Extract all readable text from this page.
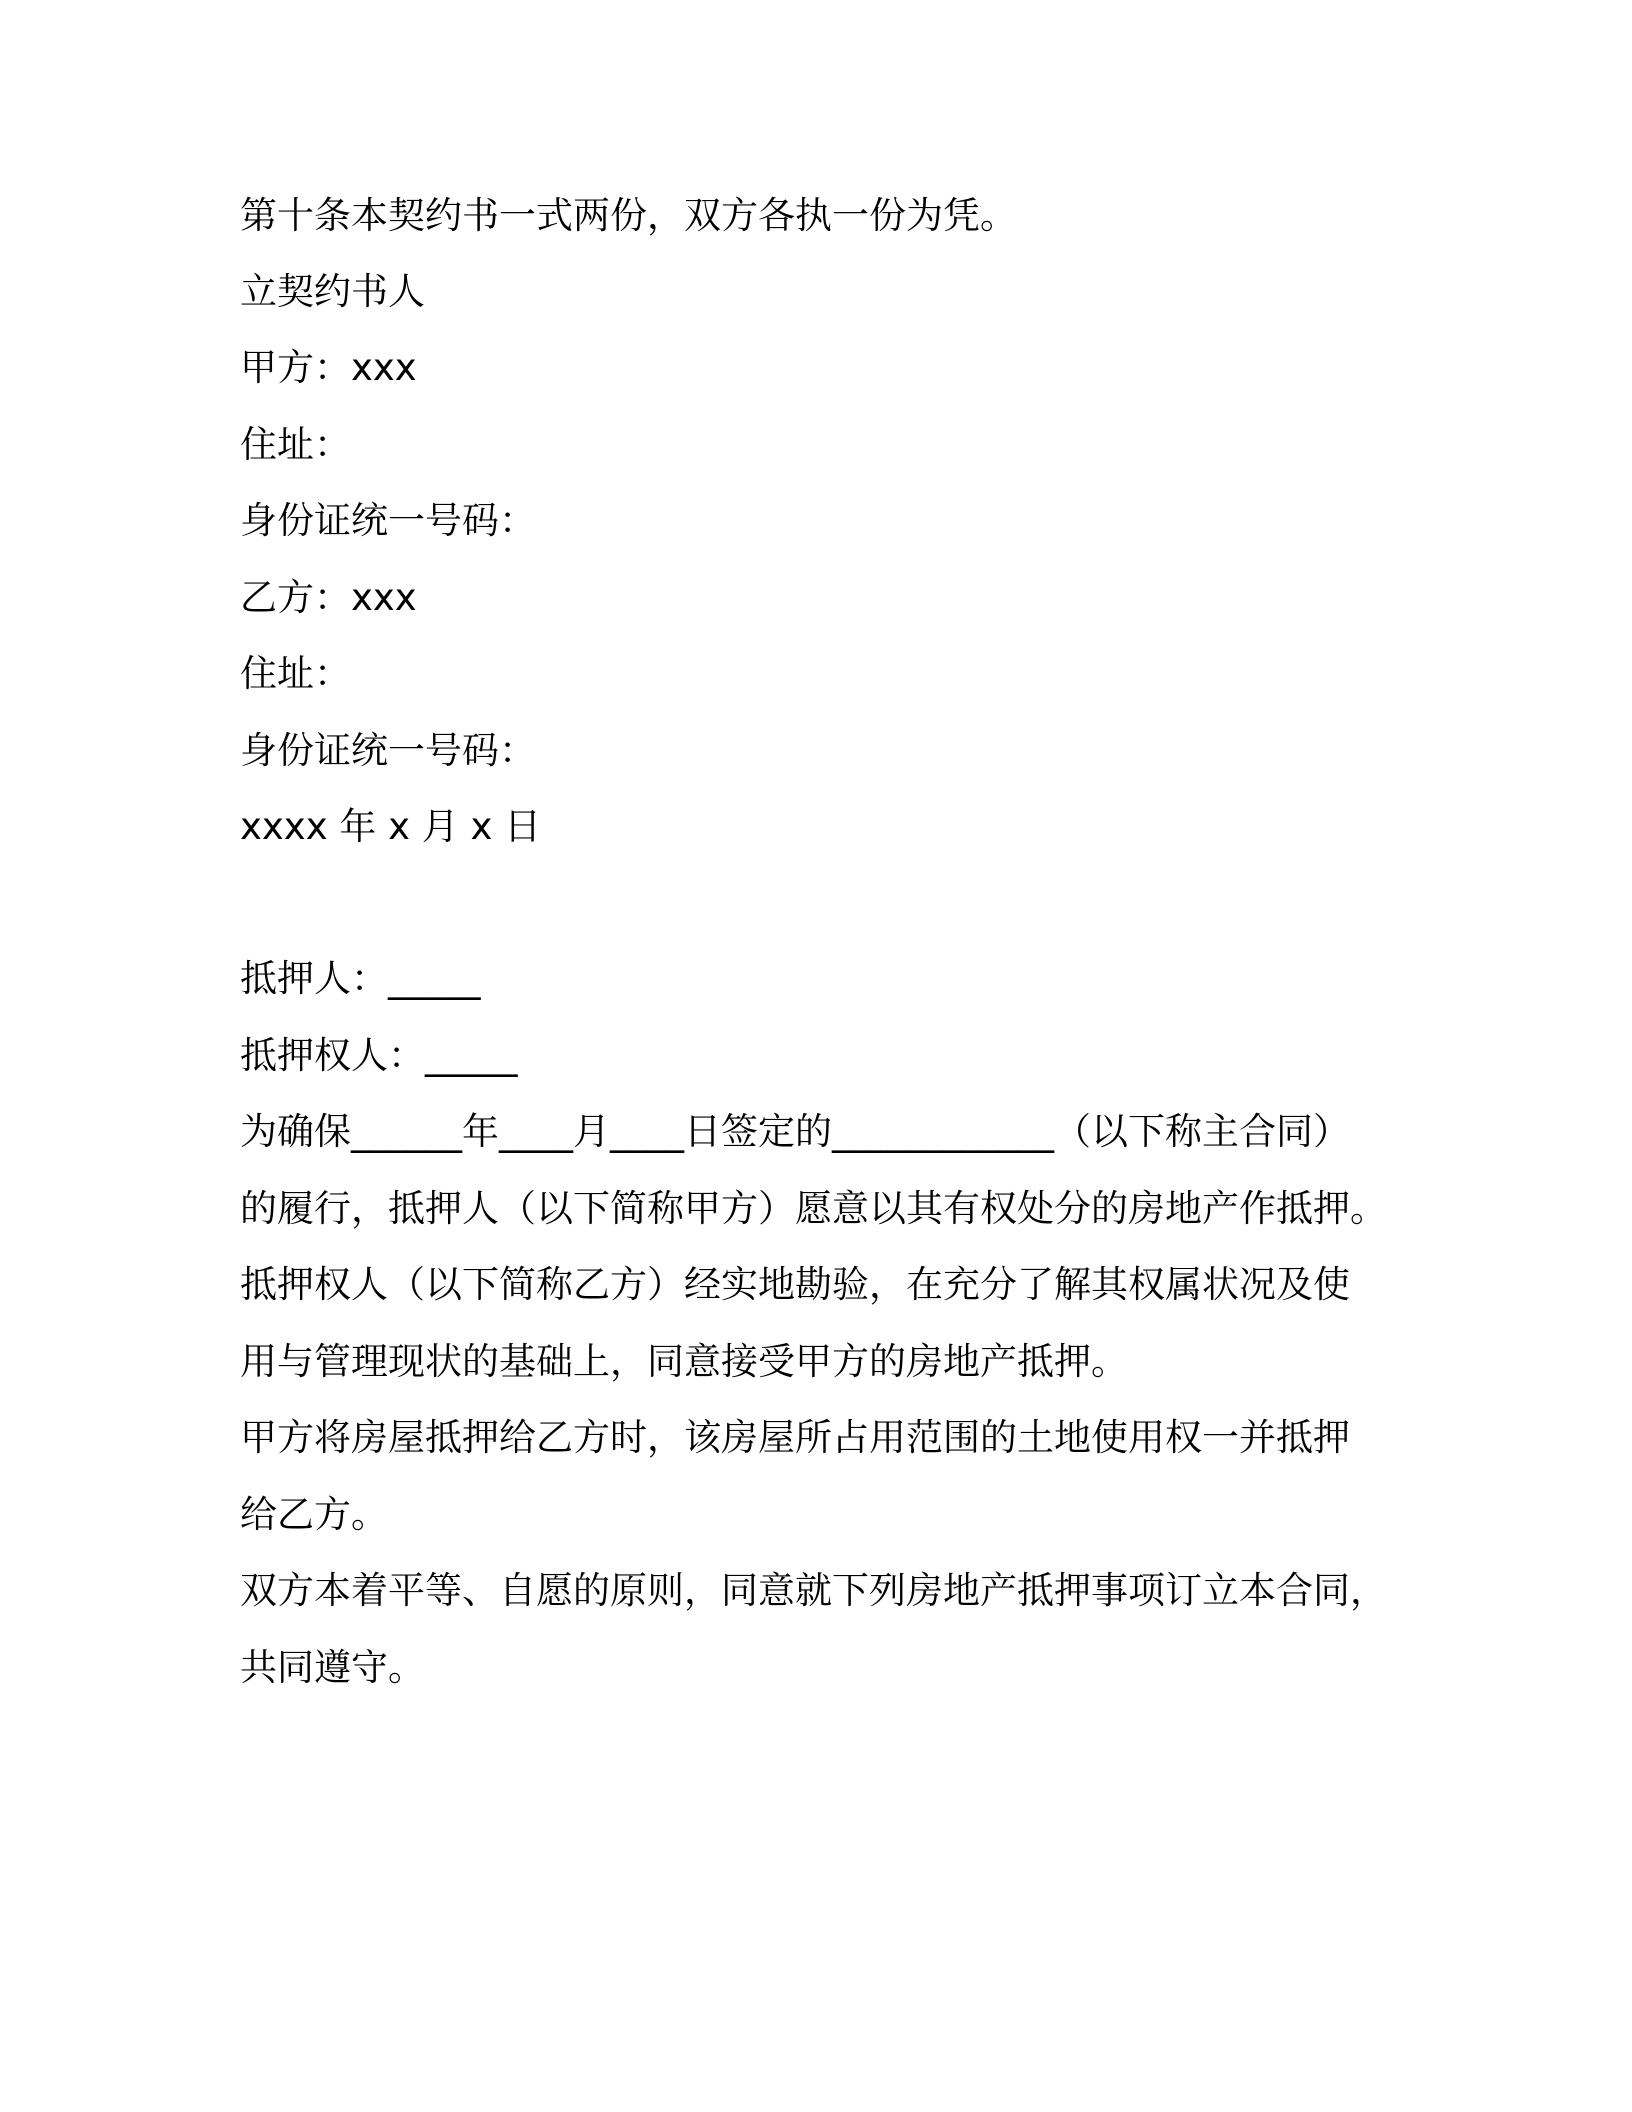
第十条本契约书一式两份，双方各执一份为凭。
立契约书人
甲方：xxx
住址：
身份证统一号码：
乙方：xxx
住址：
身份证统一号码：
xxxx 年 x 月 x 日
抵押人：_____
抵押权人：_____
为确保______年____月____日签定的____________（以下称主合同）
的履行，抵押人（以下简称甲方）愿意以其有权处分的房地产作抵押。
抵押权人（以下简称乙方）经实地勘验，在充分了解其权属状况及使
用与管理现状的基础上，同意接受甲方的房地产抵押。
甲方将房屋抵押给乙方时，该房屋所占用范围的土地使用权一并抵押
给乙方。
双方本着平等、自愿的原则，同意就下列房地产抵押事项订立本合同，
共同遵守。
